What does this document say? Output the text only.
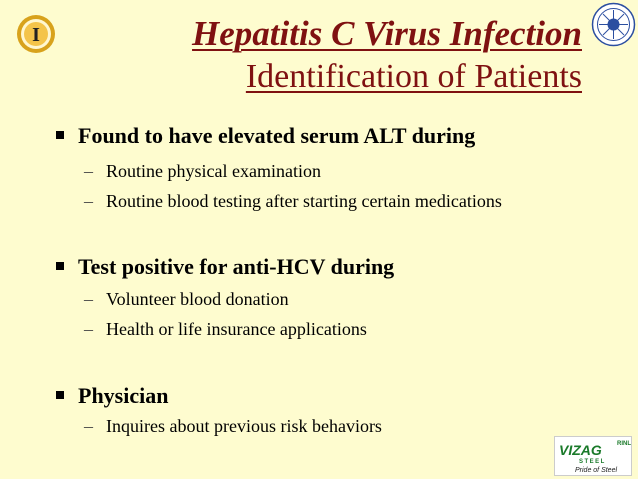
I	Hepatitis C Virus Infection
Identification of Patients
Found to have elevated serum ALT during
– Routine physical examination
– Routine blood testing after starting certain medications
Test positive for anti-HCV during
– Volunteer blood donation
– Health or life insurance applications
Physician
– Inquires about previous risk behaviors
RINL
VIZAG
STEEL
Pride of Steel
